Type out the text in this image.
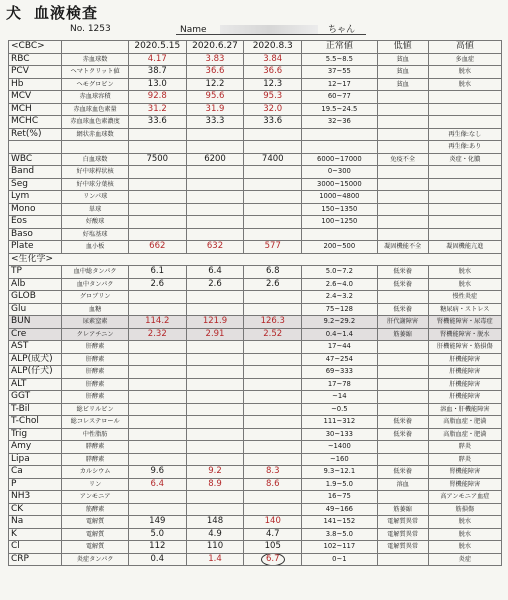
犬 血液検査
No. 1253	Name	ちゃん
<CBC>		2020.5.15	2020.6.27	2020.8.3	正常値	低値	高値
RBC	赤血球数	4.17	3.83	3.84	5.5~8.5	貧血	多血症
PCV	ヘマトクリット値	38.7	36.6	36.6	37~55	貧血	脱水
Hb	ヘモグロビン	13.0	12.2	12.3	12~17	貧血	脱水
MCV	赤血球容積	92.8	95.6	95.3	60~77		
MCH	赤血球血色素量	31.2	31.9	32.0	19.5~24.5		
MCHC	赤血球血色素濃度	33.6	33.3	33.6	32~36		
Ret(%)	網状赤血球数						再生像:なし
							再生像:あり
WBC	白血球数	7500	6200	7400	6000~17000	免疫不全	炎症・化膿
Band	好中球桿状核				0~300		
Seg	好中球分葉核				3000~15000		
Lym	リンパ球				1000~4800		
Mono	単球				150~1350		
Eos	好酸球				100~1250		
Baso	好塩基球						
Plate	血小板	662	632	577	200~500	凝固機能不全	凝固機能亢進
<生化学>							
TP	血中総タンパク	6.1	6.4	6.8	5.0~7.2	低栄養	脱水
Alb	血中タンパク	2.6	2.6	2.6	2.6~4.0	低栄養	脱水
GLOB	グロブリン				2.4~3.2		慢性炎症
Glu	血糖				75~128	低栄養	糖尿病・ストレス
BUN	尿素窒素	114.2	121.9	126.3	9.2~29.2	肝代謝障害	腎機能障害・尿毒症
Cre	クレアチニン	2.32	2.91	2.52	0.4~1.4	筋萎縮	腎機能障害・脱水
AST	肝酵素				17~44		肝機能障害・筋損傷
ALP(成犬)	肝酵素				47~254		肝機能障害
ALP(仔犬)	肝酵素				69~333		肝機能障害
ALT	肝酵素				17~78		肝機能障害
GGT	肝酵素				~14		肝機能障害
T-Bil	総ビリルビン				~0.5		溶血・肝機能障害
T-Chol	総コレステロール				111~312	低栄養	高脂血症・肥満
Trig	中性脂肪				30~133	低栄養	高脂血症・肥満
Amy	膵酵素				~1400		膵炎
Lipa	膵酵素				~160		膵炎
Ca	カルシウム	9.6	9.2	8.3	9.3~12.1	低栄養	腎機能障害
P	リン	6.4	8.9	8.6	1.9~5.0	溶血	腎機能障害
NH3	アンモニア				16~75		高アンモニア血症
CK	筋酵素				49~166	筋萎縮	筋損傷
Na	電解質	149	148	140	141~152	電解質異常	脱水
K	電解質	5.0	4.9	4.7	3.8~5.0	電解質異常	脱水
Cl	電解質	112	110	105	102~117	電解質異常	脱水
CRP	炎症タンパク	0.4	1.4	6.7	0~1		炎症
